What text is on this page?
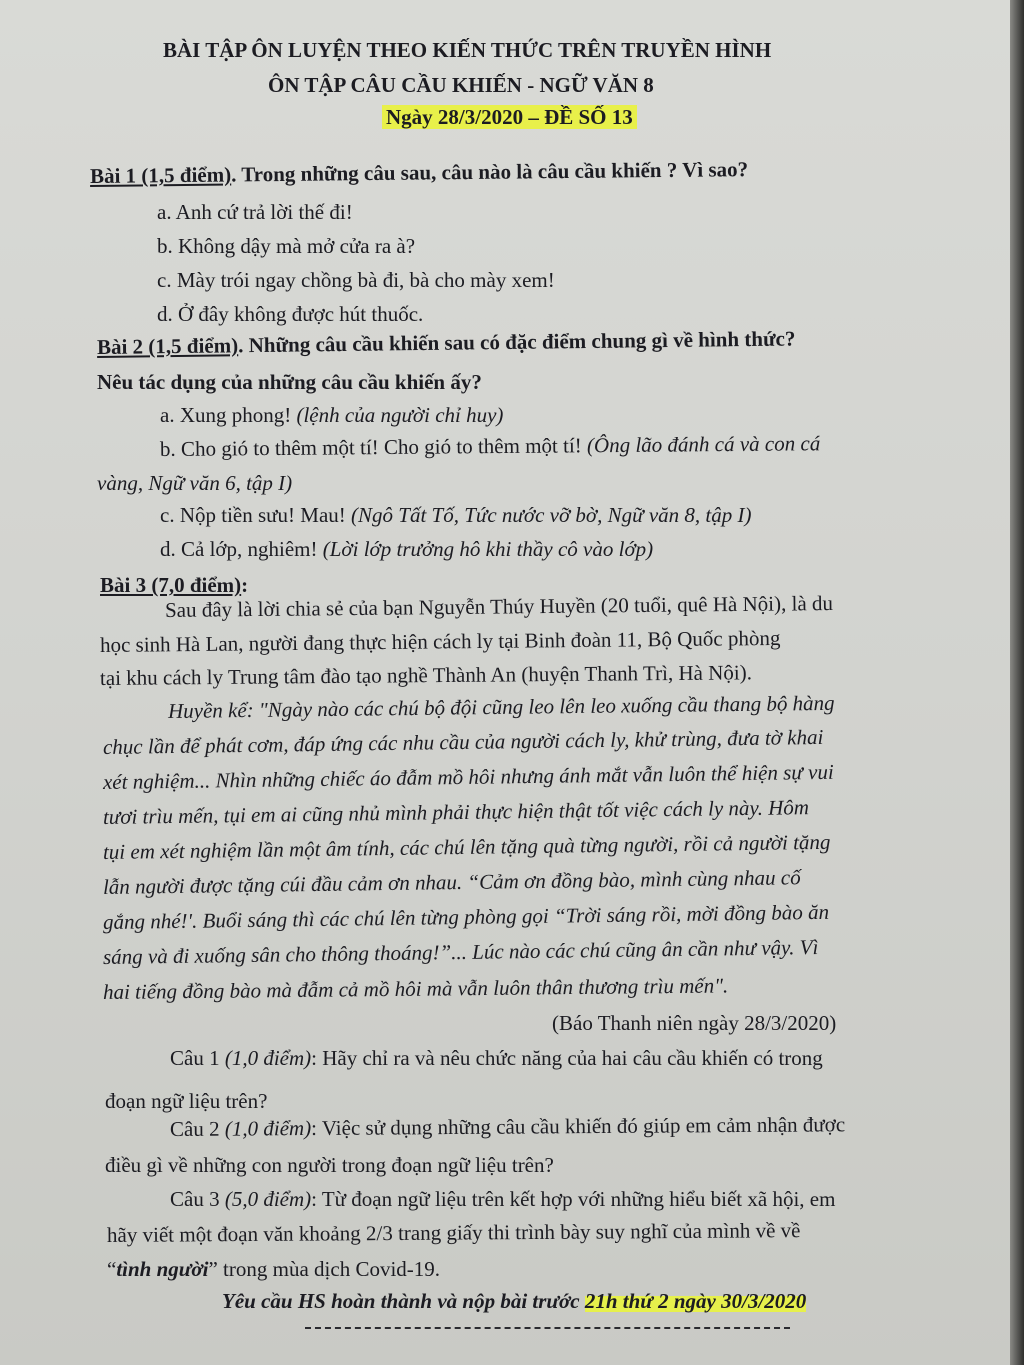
BÀI TẬP ÔN LUYỆN THEO KIẾN THỨC TRÊN TRUYỀN HÌNH
ÔN TẬP CÂU CẦU KHIẾN - NGỮ VĂN 8
Ngày 28/3/2020 – ĐỀ SỐ 13
Bài 1 (1,5 điểm). Trong những câu sau, câu nào là câu cầu khiến ? Vì sao?
a. Anh cứ trả lời thế đi!
b. Không dậy mà mở cửa ra à?
c. Mày trói ngay chồng bà đi, bà cho mày xem!
d. Ở đây không được hút thuốc.
Bài 2 (1,5 điểm). Những câu cầu khiến sau có đặc điểm chung gì về hình thức?
Nêu tác dụng của những câu cầu khiến ấy?
a. Xung phong! (lệnh của người chỉ huy)
b. Cho gió to thêm một tí! Cho gió to thêm một tí! (Ông lão đánh cá và con cá
vàng, Ngữ văn 6, tập I)
c. Nộp tiền sưu! Mau! (Ngô Tất Tố, Tức nước vỡ bờ, Ngữ văn 8, tập I)
d. Cả lớp, nghiêm! (Lời lớp trưởng hô khi thầy cô vào lớp)
Bài 3 (7,0 điểm):
Sau đây là lời chia sẻ của bạn Nguyễn Thúy Huyền (20 tuổi, quê Hà Nội), là du
học sinh Hà Lan, người đang thực hiện cách ly tại Binh đoàn 11, Bộ Quốc phòng
tại khu cách ly Trung tâm đào tạo nghề Thành An (huyện Thanh Trì, Hà Nội).
Huyền kể: "Ngày nào các chú bộ đội cũng leo lên leo xuống cầu thang bộ hàng
chục lần để phát cơm, đáp ứng các nhu cầu của người cách ly, khử trùng, đưa tờ khai
xét nghiệm... Nhìn những chiếc áo đẫm mồ hôi nhưng ánh mắt vẫn luôn thể hiện sự vui
tươi trìu mến, tụi em ai cũng nhủ mình phải thực hiện thật tốt việc cách ly này. Hôm
tụi em xét nghiệm lần một âm tính, các chú lên tặng quà từng người, rồi cả người tặng
lẫn người được tặng cúi đầu cảm ơn nhau. “Cảm ơn đồng bào, mình cùng nhau cố
gắng nhé!'. Buổi sáng thì các chú lên từng phòng gọi “Trời sáng rồi, mời đồng bào ăn
sáng và đi xuống sân cho thông thoáng!”... Lúc nào các chú cũng ân cần như vậy. Vì
hai tiếng đồng bào mà đẫm cả mồ hôi mà vẫn luôn thân thương trìu mến".
(Báo Thanh niên ngày 28/3/2020)
Câu 1 (1,0 điểm): Hãy chỉ ra và nêu chức năng của hai câu cầu khiến có trong
đoạn ngữ liệu trên?
Câu 2 (1,0 điểm): Việc sử dụng những câu cầu khiến đó giúp em cảm nhận được
điều gì về những con người trong đoạn ngữ liệu trên?
Câu 3 (5,0 điểm): Từ đoạn ngữ liệu trên kết hợp với những hiểu biết xã hội, em
hãy viết một đoạn văn khoảng 2/3 trang giấy thi trình bày suy nghĩ của mình về về
“tình người” trong mùa dịch Covid-19.
Yêu cầu HS hoàn thành và nộp bài trước 21h thứ 2 ngày 30/3/2020
